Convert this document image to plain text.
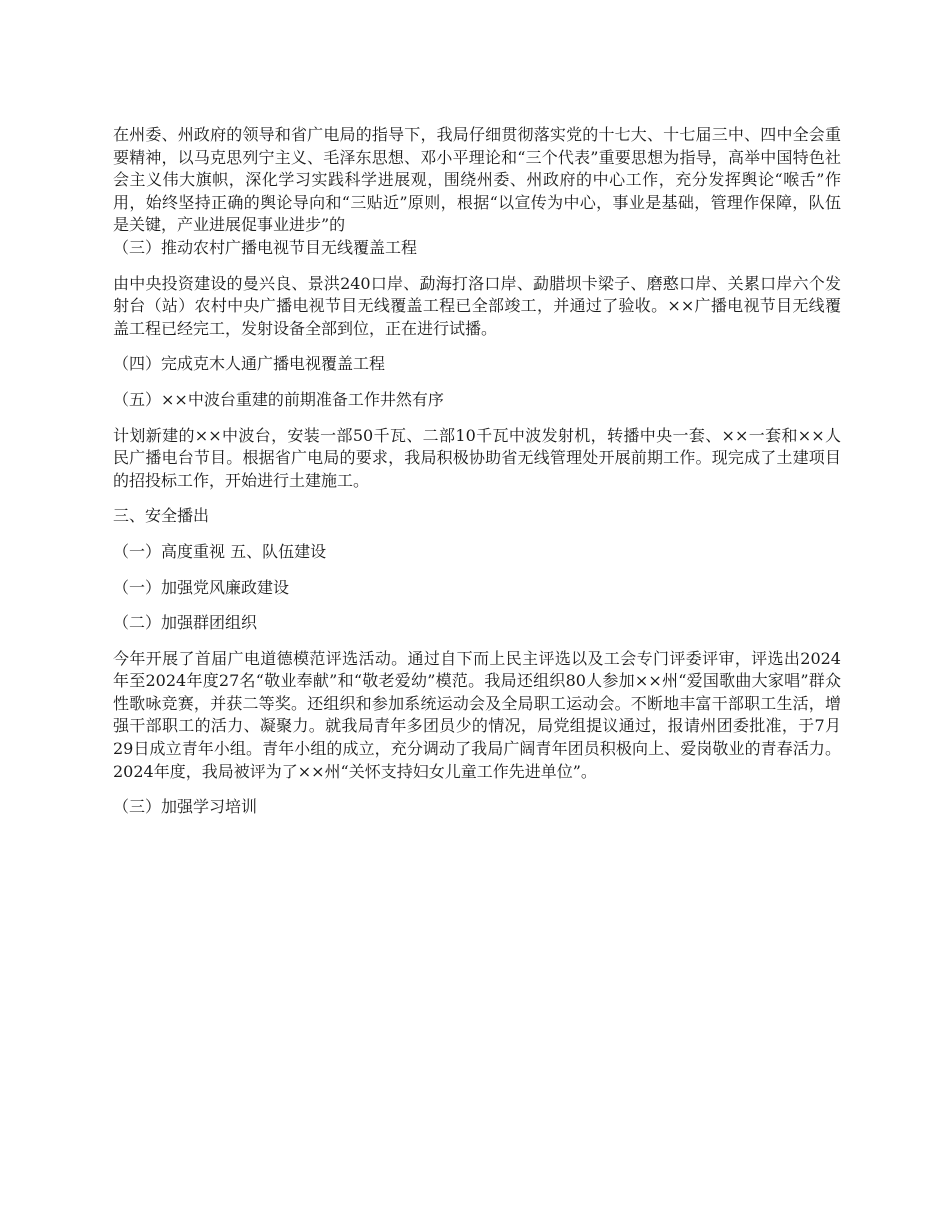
在州委、州政府的领导和省广电局的指导下，我局仔细贯彻落实党的十七大、十七届三中、四中全会重要精神，以马克思列宁主义、毛泽东思想、邓小平理论和“三个代表”重要思想为指导，高举中国特色社会主义伟大旗帜，深化学习实践科学进展观，围绕州委、州政府的中心工作，充分发挥舆论“喉舌”作用，始终坚持正确的舆论导向和“三贴近”原则，根据“以宣传为中心，事业是基础，管理作保障，队伍是关键，产业进展促事业进步”的

（三）推动农村广播电视节目无线覆盖工程

由中央投资建设的曼兴良、景洪240口岸、勐海打洛口岸、勐腊坝卡梁子、磨憨口岸、关累口岸六个发射台（站）农村中央广播电视节目无线覆盖工程已全部竣工，并通过了验收。××广播电视节目无线覆盖工程已经完工，发射设备全部到位，正在进行试播。

（四）完成克木人通广播电视覆盖工程

（五）××中波台重建的前期准备工作井然有序

计划新建的××中波台，安装一部50千瓦、二部10千瓦中波发射机，转播中央一套、××一套和××人民广播电台节目。根据省广电局的要求，我局积极协助省无线管理处开展前期工作。现完成了土建项目的招投标工作，开始进行土建施工。

三、安全播出

（一）高度重视 五、队伍建设

（一）加强党风廉政建设

（二）加强群团组织

今年开展了首届广电道德模范评选活动。通过自下而上民主评选以及工会专门评委评审，评选出2024年至2024年度27名“敬业奉献”和“敬老爱幼”模范。我局还组织80人参加××州“爱国歌曲大家唱”群众性歌咏竞赛，并获二等奖。还组织和参加系统运动会及全局职工运动会。不断地丰富干部职工生活，增强干部职工的活力、凝聚力。就我局青年多团员少的情况，局党组提议通过，报请州团委批准，于7月29日成立青年小组。青年小组的成立，充分调动了我局广阔青年团员积极向上、爱岗敬业的青春活力。2024年度，我局被评为了××州“关怀支持妇女儿童工作先进单位”。

（三）加强学习培训
